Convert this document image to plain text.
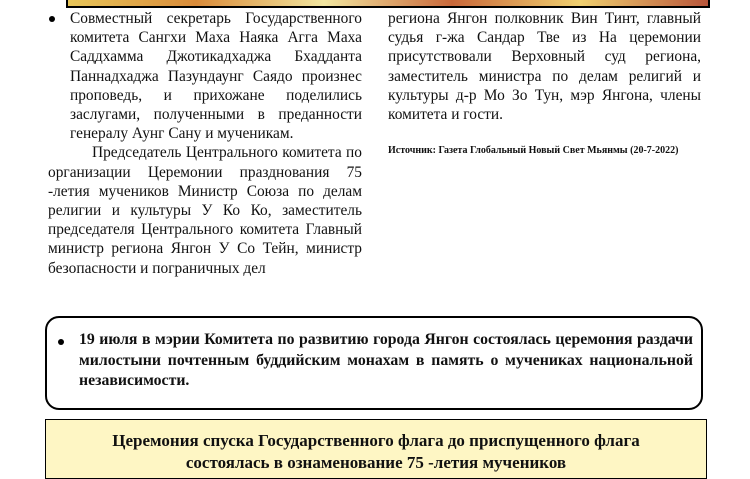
Совместный секретарь Государственного комитета Сангхи Маха Наяка Агга Маха Саддхамма Джотикадхаджа Бхадданта Паннадхаджа Пазундаунг Саядо произнес проповедь, и прихожане поделились заслугами, полученными в преданности генералу Аунг Сану и мученикам.

Председатель Центрального комитета по организации Церемонии празднования 75 -летия мучеников Министр Союза по делам религии и культуры У Ко Ко, заместитель председателя Центрального комитета Главный министр региона Янгон У Со Тейн, министр безопасности и пограничных дел

региона Янгон полковник Вин Тинт, главный судья г-жа Сандар Тве из На церемонии присутствовали Верховный суд региона, заместитель министра по делам религий и культуры д-р Мо Зо Тун, мэр Янгона, члены комитета и гости.

Источник: Газета Глобальный Новый Свет Мьянмы (20-7-2022)
19 июля в мэрии Комитета по развитию города Янгон состоялась церемония раздачи милостыни почтенным буддийским монахам в память о мучениках национальной независимости.
Церемония спуска Государственного флага до приспущенного флага
состоялась в ознаменование 75 -летия мучеников
